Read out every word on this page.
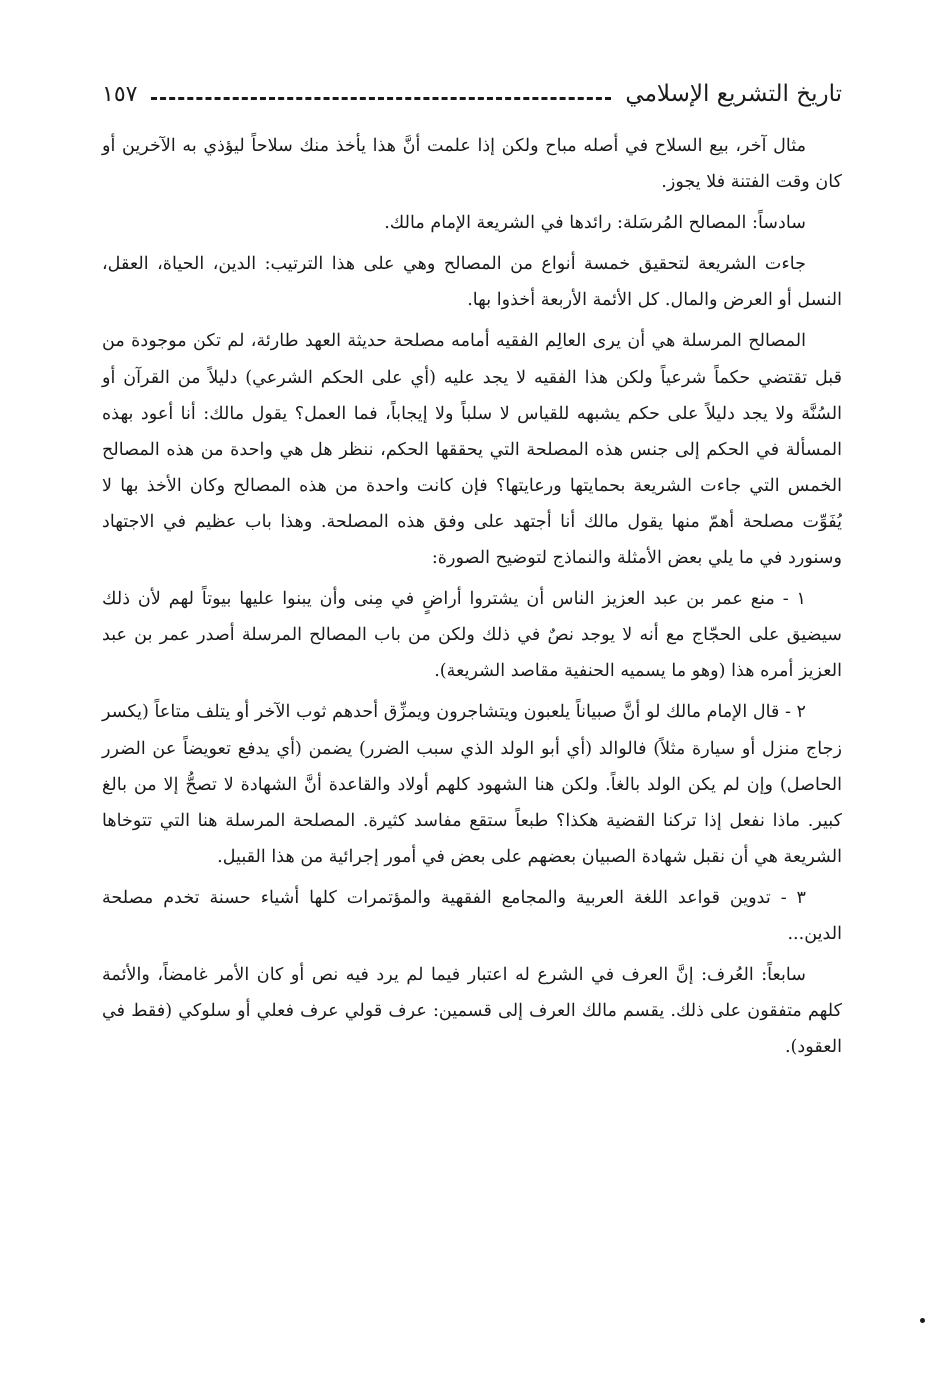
تاريخ التشريع الإسلامي
١٥٧

مثال آخر، بيع السلاح في أصله مباح ولكن إذا علمت أنَّ هذا يأخذ منك سلاحاً ليؤذي به الآخرين أو كان وقت الفتنة فلا يجوز.

سادساً: المصالح المُرسَلة: رائدها في الشريعة الإمام مالك.

جاءت الشريعة لتحقيق خمسة أنواع من المصالح وهي على هذا الترتيب: الدين، الحياة، العقل، النسل أو العرض والمال. كل الأئمة الأربعة أخذوا بها.

المصالح المرسلة هي أن يرى العالِم الفقيه أمامه مصلحة حديثة العهد طارئة، لم تكن موجودة من قبل تقتضي حكماً شرعياً ولكن هذا الفقيه لا يجد عليه (أي على الحكم الشرعي) دليلاً من القرآن أو السُنَّة ولا يجد دليلاً على حكم يشبهه للقياس لا سلباً ولا إيجاباً، فما العمل؟ يقول مالك: أنا أعود بهذه المسألة في الحكم إلى جنس هذه المصلحة التي يحققها الحكم، ننظر هل هي واحدة من هذه المصالح الخمس التي جاءت الشريعة بحمايتها ورعايتها؟ فإن كانت واحدة من هذه المصالح وكان الأخذ بها لا يُفَوِّت مصلحة أهمّ منها يقول مالك أنا أجتهد على وفق هذه المصلحة. وهذا باب عظيم في الاجتهاد وسنورد في ما يلي بعض الأمثلة والنماذج لتوضيح الصورة:

١ - منع عمر بن عبد العزيز الناس أن يشتروا أراضٍ في مِنى وأن يبنوا عليها بيوتاً لهم لأن ذلك سيضيق على الحجّاج مع أنه لا يوجد نصٌ في ذلك ولكن من باب المصالح المرسلة أصدر عمر بن عبد العزيز أمره هذا (وهو ما يسميه الحنفية مقاصد الشريعة).

٢ - قال الإمام مالك لو أنَّ صبياناً يلعبون ويتشاجرون ويمزِّق أحدهم ثوب الآخر أو يتلف متاعاً (يكسر زجاج منزل أو سيارة مثلاً) فالوالد (أي أبو الولد الذي سبب الضرر) يضمن (أي يدفع تعويضاً عن الضرر الحاصل) وإن لم يكن الولد بالغاً. ولكن هنا الشهود كلهم أولاد والقاعدة أنَّ الشهادة لا تصحُّ إلا من بالغ كبير. ماذا نفعل إذا تركنا القضية هكذا؟ طبعاً ستقع مفاسد كثيرة. المصلحة المرسلة هنا التي تتوخاها الشريعة هي أن نقبل شهادة الصبيان بعضهم على بعض في أمور إجرائية من هذا القبيل.

٣ - تدوين قواعد اللغة العربية والمجامع الفقهية والمؤتمرات كلها أشياء حسنة تخدم مصلحة الدين...

سابعاً: العُرف: إنَّ العرف في الشرع له اعتبار فيما لم يرد فيه نص أو كان الأمر غامضاً، والأئمة كلهم متفقون على ذلك. يقسم مالك العرف إلى قسمين: عرف قولي عرف فعلي أو سلوكي (فقط في العقود).
